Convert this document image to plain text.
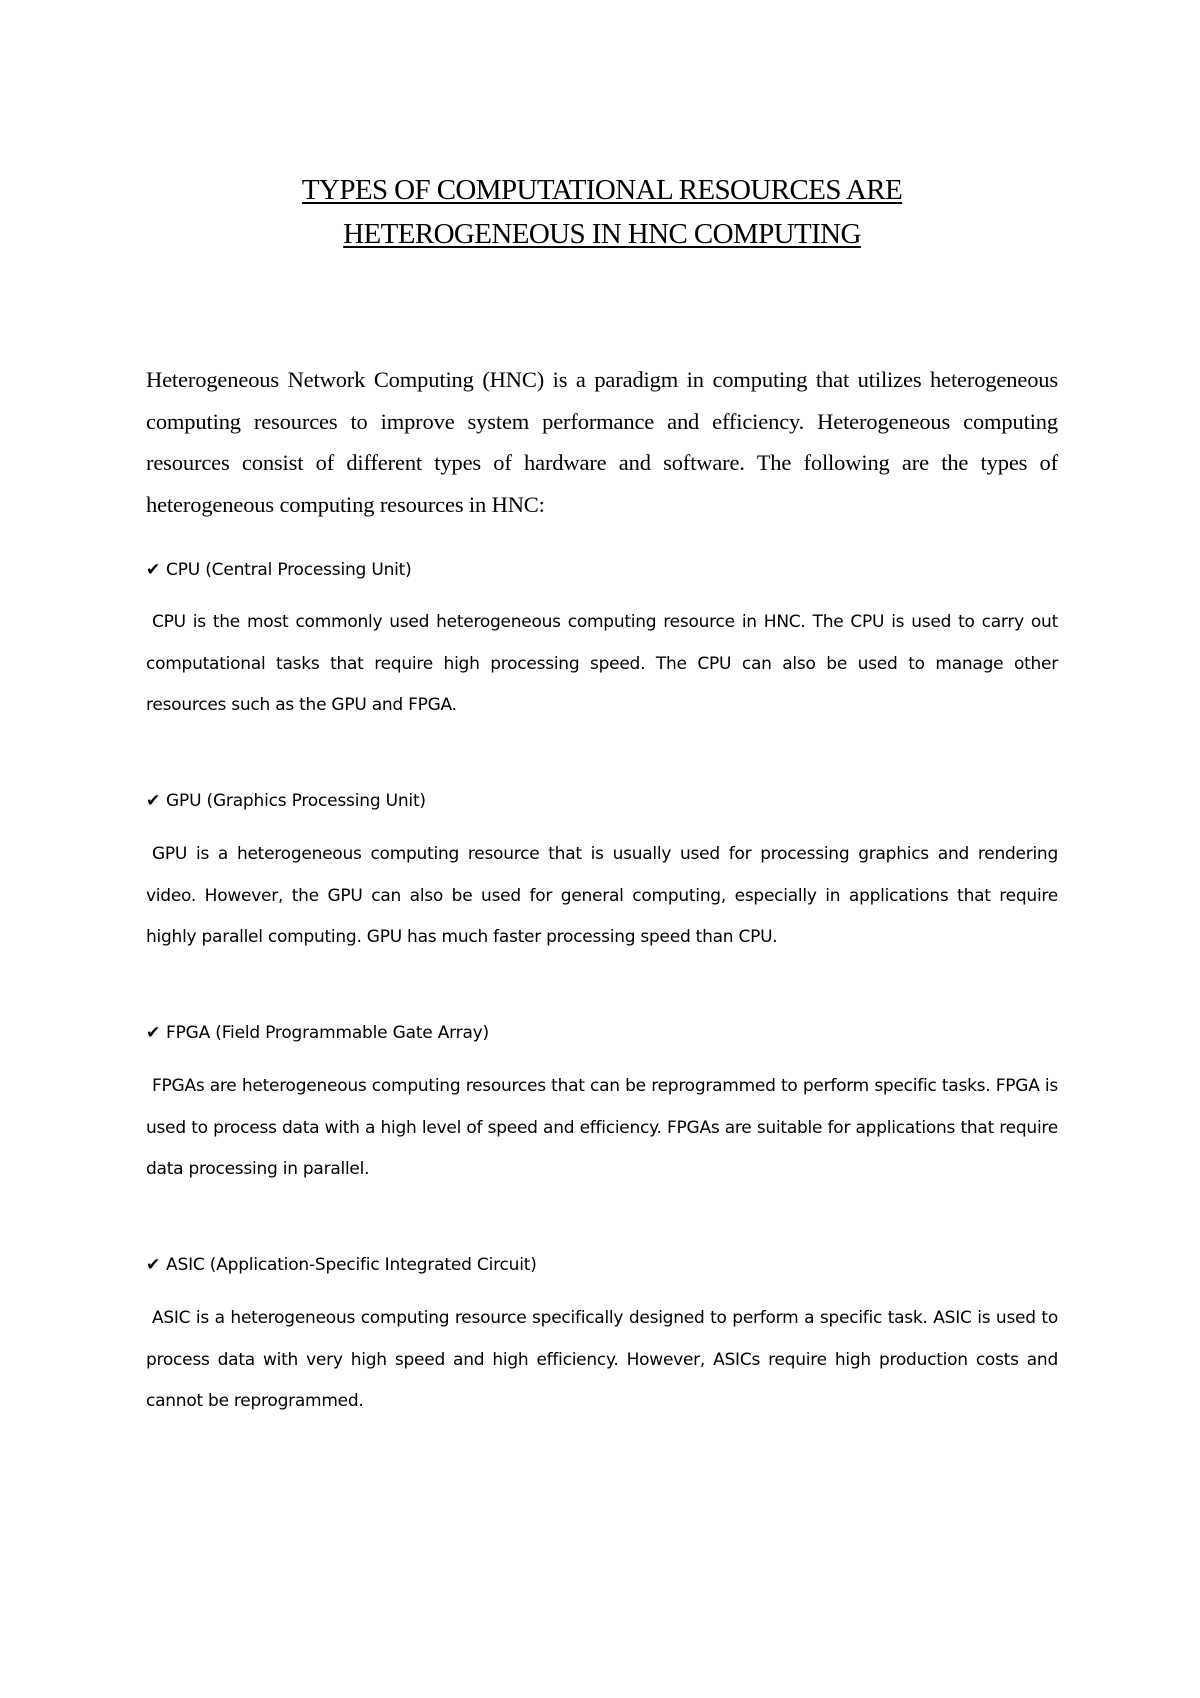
TYPES OF COMPUTATIONAL RESOURCES ARE
HETEROGENEOUS IN HNC COMPUTING

Heterogeneous Network Computing (HNC) is a paradigm in computing that utilizes heterogeneous computing resources to improve system performance and efficiency. Heterogeneous computing resources consist of different types of hardware and software. The following are the types of heterogeneous computing resources in HNC:

✔ CPU (Central Processing Unit)

CPU is the most commonly used heterogeneous computing resource in HNC. The CPU is used to carry out computational tasks that require high processing speed. The CPU can also be used to manage other resources such as the GPU and FPGA.

✔ GPU (Graphics Processing Unit)

GPU is a heterogeneous computing resource that is usually used for processing graphics and rendering video. However, the GPU can also be used for general computing, especially in applications that require highly parallel computing. GPU has much faster processing speed than CPU.

✔ FPGA (Field Programmable Gate Array)

FPGAs are heterogeneous computing resources that can be reprogrammed to perform specific tasks. FPGA is used to process data with a high level of speed and efficiency. FPGAs are suitable for applications that require data processing in parallel.

✔ ASIC (Application-Specific Integrated Circuit)

ASIC is a heterogeneous computing resource specifically designed to perform a specific task. ASIC is used to process data with very high speed and high efficiency. However, ASICs require high production costs and cannot be reprogrammed.
